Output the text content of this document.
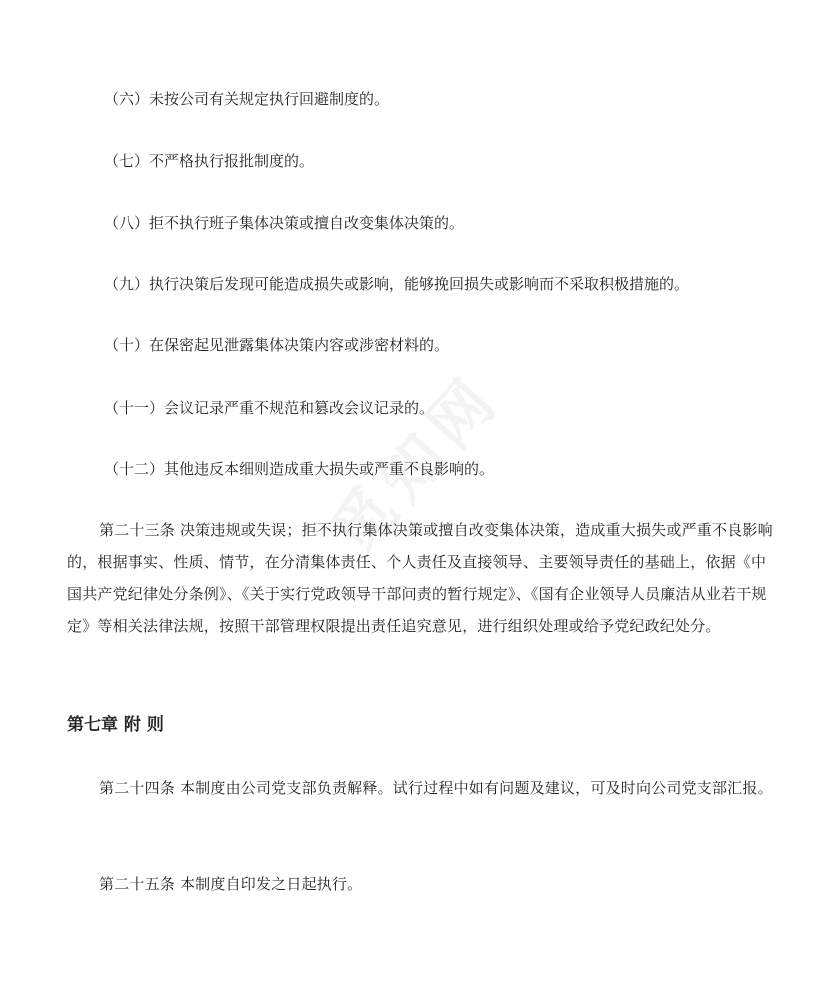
（六）未按公司有关规定执行回避制度的。
（七）不严格执行报批制度的。
（八）拒不执行班子集体决策或擅自改变集体决策的。
（九）执行决策后发现可能造成损失或影响，能够挽回损失或影响而不采取积极措施的。
（十）在保密起见泄露集体决策内容或涉密材料的。
（十一）会议记录严重不规范和篡改会议记录的。
（十二）其他违反本细则造成重大损失或严重不良影响的。
第二十三条 决策违规或失误；拒不执行集体决策或擅自改变集体决策，造成重大损失或严重不良影响的，根据事实、性质、情节，在分清集体责任、个人责任及直接领导、主要领导责任的基础上，依据《中国共产党纪律处分条例》、《关于实行党政领导干部问责的暂行规定》、《国有企业领导人员廉洁从业若干规定》等相关法律法规，按照干部管理权限提出责任追究意见，进行组织处理或给予党纪政纪处分。
第七章 附 则
第二十四条 本制度由公司党支部负责解释。试行过程中如有问题及建议，可及时向公司党支部汇报。
第二十五条 本制度自印发之日起执行。
